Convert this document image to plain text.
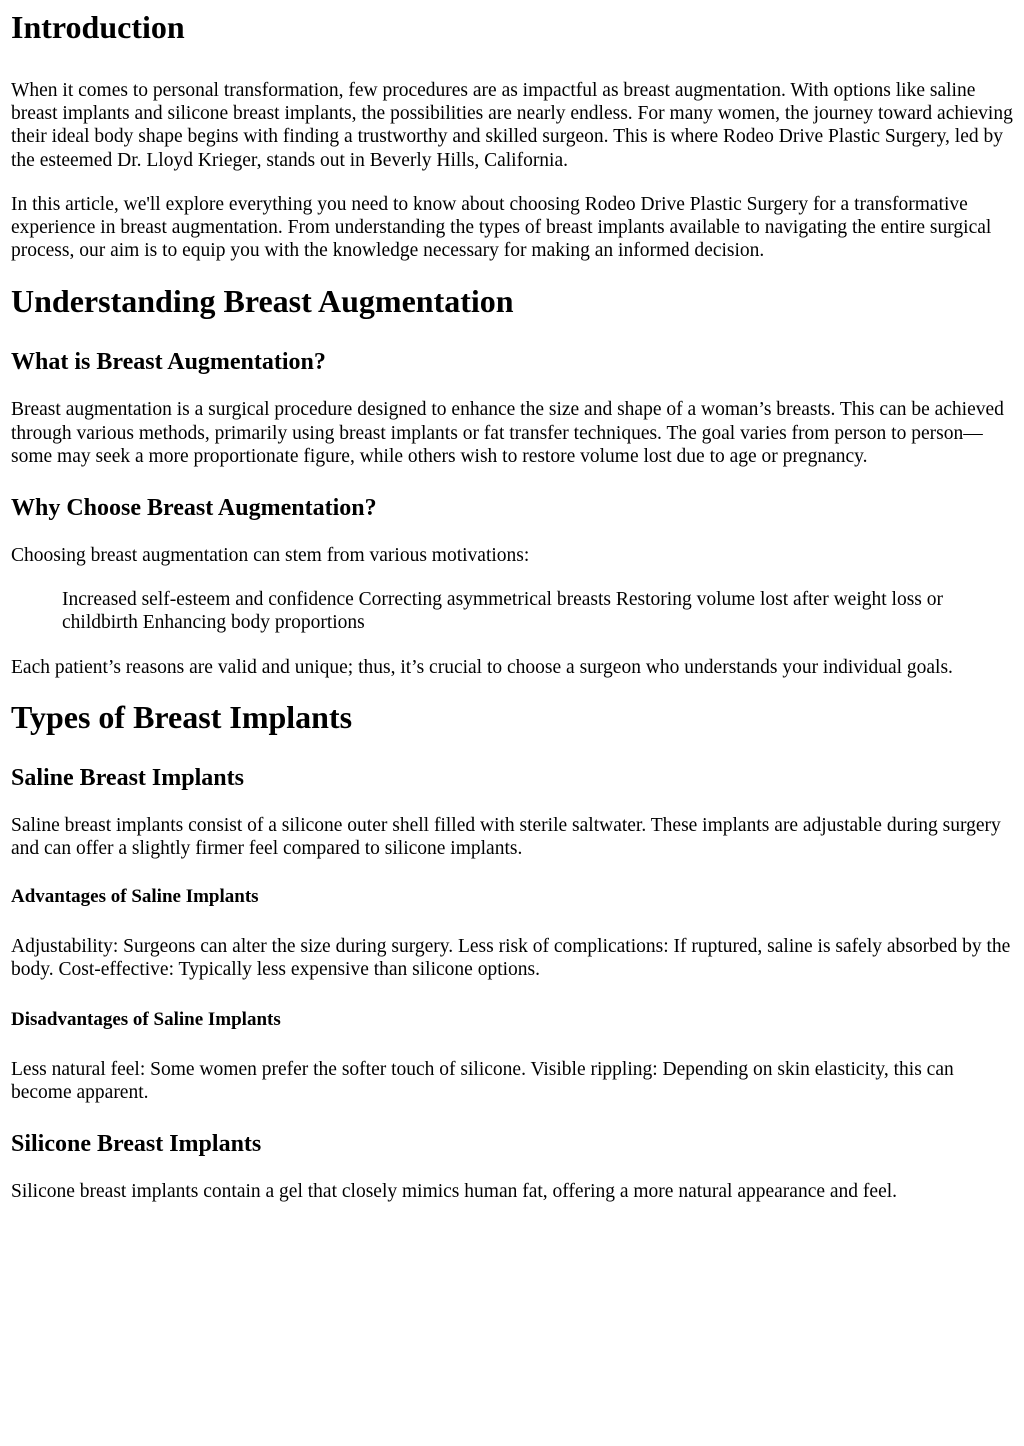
Introduction

When it comes to personal transformation, few procedures are as impactful as breast augmentation. With options like saline breast implants and silicone breast implants, the possibilities are nearly endless. For many women, the journey toward achieving their ideal body shape begins with finding a trustworthy and skilled surgeon. This is where Rodeo Drive Plastic Surgery, led by the esteemed Dr. Lloyd Krieger, stands out in Beverly Hills, California.

In this article, we'll explore everything you need to know about choosing Rodeo Drive Plastic Surgery for a transformative experience in breast augmentation. From understanding the types of breast implants available to navigating the entire surgical process, our aim is to equip you with the knowledge necessary for making an informed decision.

Understanding Breast Augmentation
What is Breast Augmentation?

Breast augmentation is a surgical procedure designed to enhance the size and shape of a woman’s breasts. This can be achieved through various methods, primarily using breast implants or fat transfer techniques. The goal varies from person to person—some may seek a more proportionate figure, while others wish to restore volume lost due to age or pregnancy.

Why Choose Breast Augmentation?

Choosing breast augmentation can stem from various motivations:

Increased self-esteem and confidence Correcting asymmetrical breasts Restoring volume lost after weight loss or childbirth Enhancing body proportions

Each patient’s reasons are valid and unique; thus, it’s crucial to choose a surgeon who understands your individual goals.

Types of Breast Implants
Saline Breast Implants

Saline breast implants consist of a silicone outer shell filled with sterile saltwater. These implants are adjustable during surgery and can offer a slightly firmer feel compared to silicone implants.

Advantages of Saline Implants

Adjustability: Surgeons can alter the size during surgery. Less risk of complications: If ruptured, saline is safely absorbed by the body. Cost-effective: Typically less expensive than silicone options.

Disadvantages of Saline Implants

Less natural feel: Some women prefer the softer touch of silicone. Visible rippling: Depending on skin elasticity, this can become apparent.

Silicone Breast Implants

Silicone breast implants contain a gel that closely mimics human fat, offering a more natural appearance and feel.
